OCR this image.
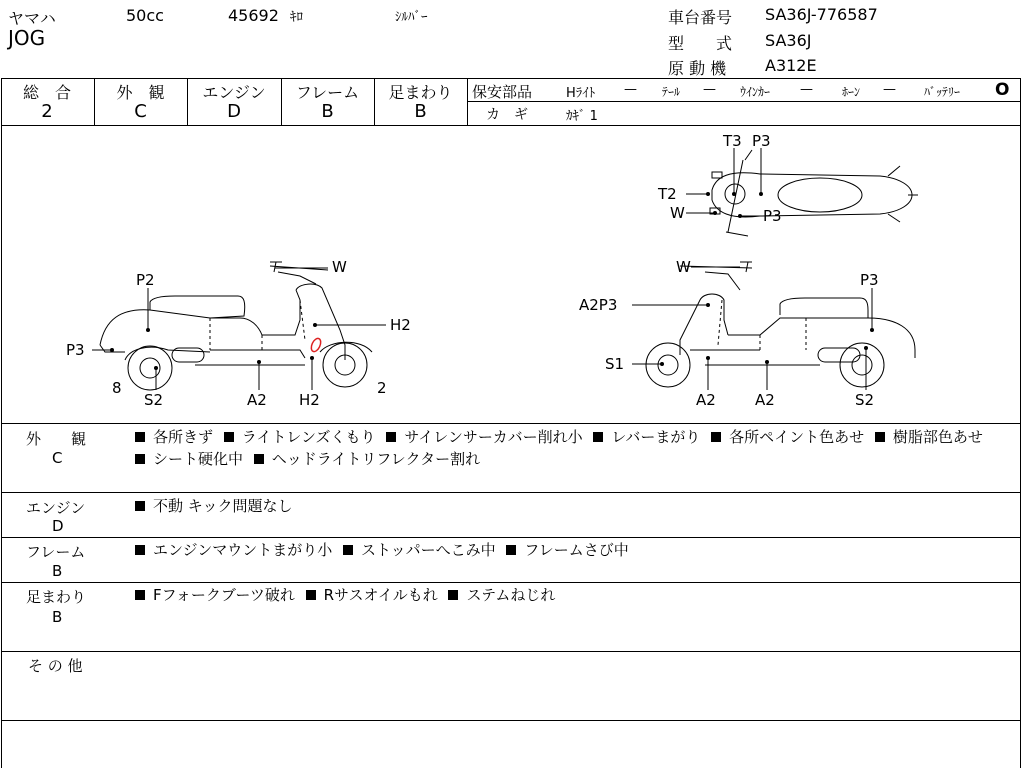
ヤマハ
JOG
50cc	45692 ｷﾛ	ｼﾙﾊﾞｰ	車台番号 SA36J-776587
型　　式 SA36J
原 動 機 A312E
総　合
2
外　観
C
エンジン
D
フレーム
B
足まわり
B
保安部品	Hﾗｲﾄ — ﾃｰﾙ — ｳｲﾝｶｰ — ﾎｰﾝ — ﾊﾞｯﾃﾘｰ O
カ　ギ	ｶｷﾞ 1
P2
P3
8
S2	A2
H2
2
W
H2
T3 P3
T2
W	P3
W
A2P3
S1
A2	A2
P3
S2
外　　観
C
各所きず ライトレンズくもり サイレンサーカバー削れ小 レバーまがり 各所ペイント色あせ 樹脂部色あせ シート硬化中 ヘッドライトリフレクター割れ
エンジン
D
不動 キック問題なし
フレーム
B
エンジンマウントまがり小 ストッパーへこみ中 フレームさび中
足まわり
B
Fフォークブーツ破れ Rサスオイルもれ ステムねじれ
そ の 他
